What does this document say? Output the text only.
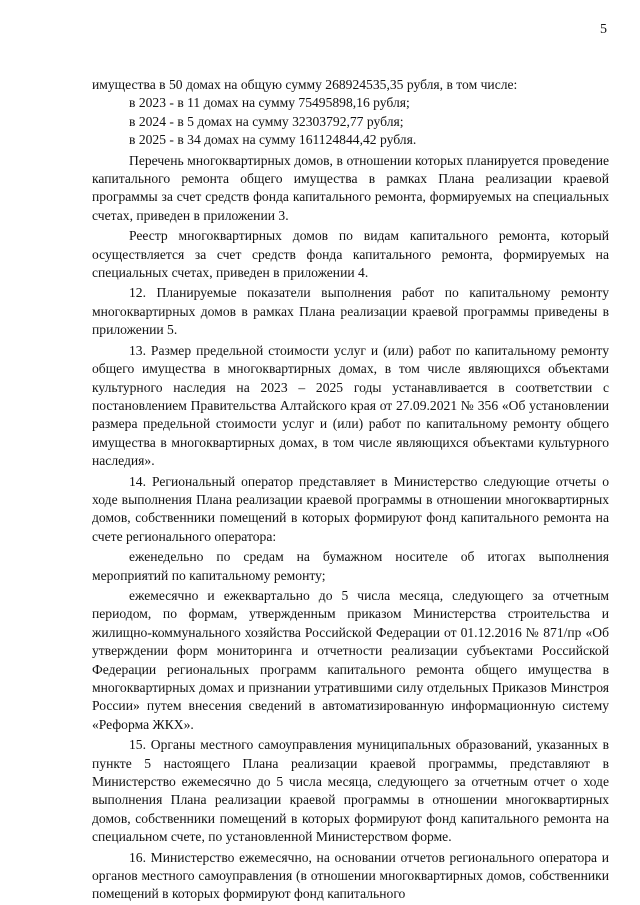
5

имущества в 50 домах на общую сумму 268924535,35 рубля, в том числе:

в 2023 - в 11 домах на сумму 75495898,16 рубля;

в 2024 - в 5 домах на сумму 32303792,77 рубля;

в 2025 - в 34 домах на сумму 161124844,42 рубля.

Перечень многоквартирных домов, в отношении которых планируется проведение капитального ремонта общего имущества в рамках Плана реализации краевой программы за счет средств фонда капитального ремонта, формируемых на специальных счетах, приведен в приложении 3.

Реестр многоквартирных домов по видам капитального ремонта, который осуществляется за счет средств фонда капитального ремонта, формируемых на специальных счетах, приведен в приложении 4.

12. Планируемые показатели выполнения работ по капитальному ремонту многоквартирных домов в рамках Плана реализации краевой программы приведены в приложении 5.

13. Размер предельной стоимости услуг и (или) работ по капитальному ремонту общего имущества в многоквартирных домах, в том числе являющихся объектами культурного наследия на 2023 – 2025 годы устанавливается в соответствии с постановлением Правительства Алтайского края от 27.09.2021 № 356 «Об установлении размера предельной стоимости услуг и (или) работ по капитальному ремонту общего имущества в многоквартирных домах, в том числе являющихся объектами культурного наследия».

14. Региональный оператор представляет в Министерство следующие отчеты о ходе выполнения Плана реализации краевой программы в отношении многоквартирных домов, собственники помещений в которых формируют фонд капитального ремонта на счете регионального оператора:

еженедельно по средам на бумажном носителе об итогах выполнения мероприятий по капитальному ремонту;

ежемесячно и ежеквартально до 5 числа месяца, следующего за отчетным периодом, по формам, утвержденным приказом Министерства строительства и жилищно-коммунального хозяйства Российской Федерации от 01.12.2016 № 871/пр «Об утверждении форм мониторинга и отчетности реализации субъектами Российской Федерации региональных программ капитального ремонта общего имущества в многоквартирных домах и признании утратившими силу отдельных Приказов Минстроя России» путем внесения сведений в автоматизированную информационную систему «Реформа ЖКХ».

15. Органы местного самоуправления муниципальных образований, указанных в пункте 5 настоящего Плана реализации краевой программы, представляют в Министерство ежемесячно до 5 числа месяца, следующего за отчетным отчет о ходе выполнения Плана реализации краевой программы в отношении многоквартирных домов, собственники помещений в которых формируют фонд капитального ремонта на специальном счете, по установленной Министерством форме.

16. Министерство ежемесячно, на основании отчетов регионального оператора и органов местного самоуправления (в отношении многоквартирных домов, собственники помещений в которых формируют фонд капитального
